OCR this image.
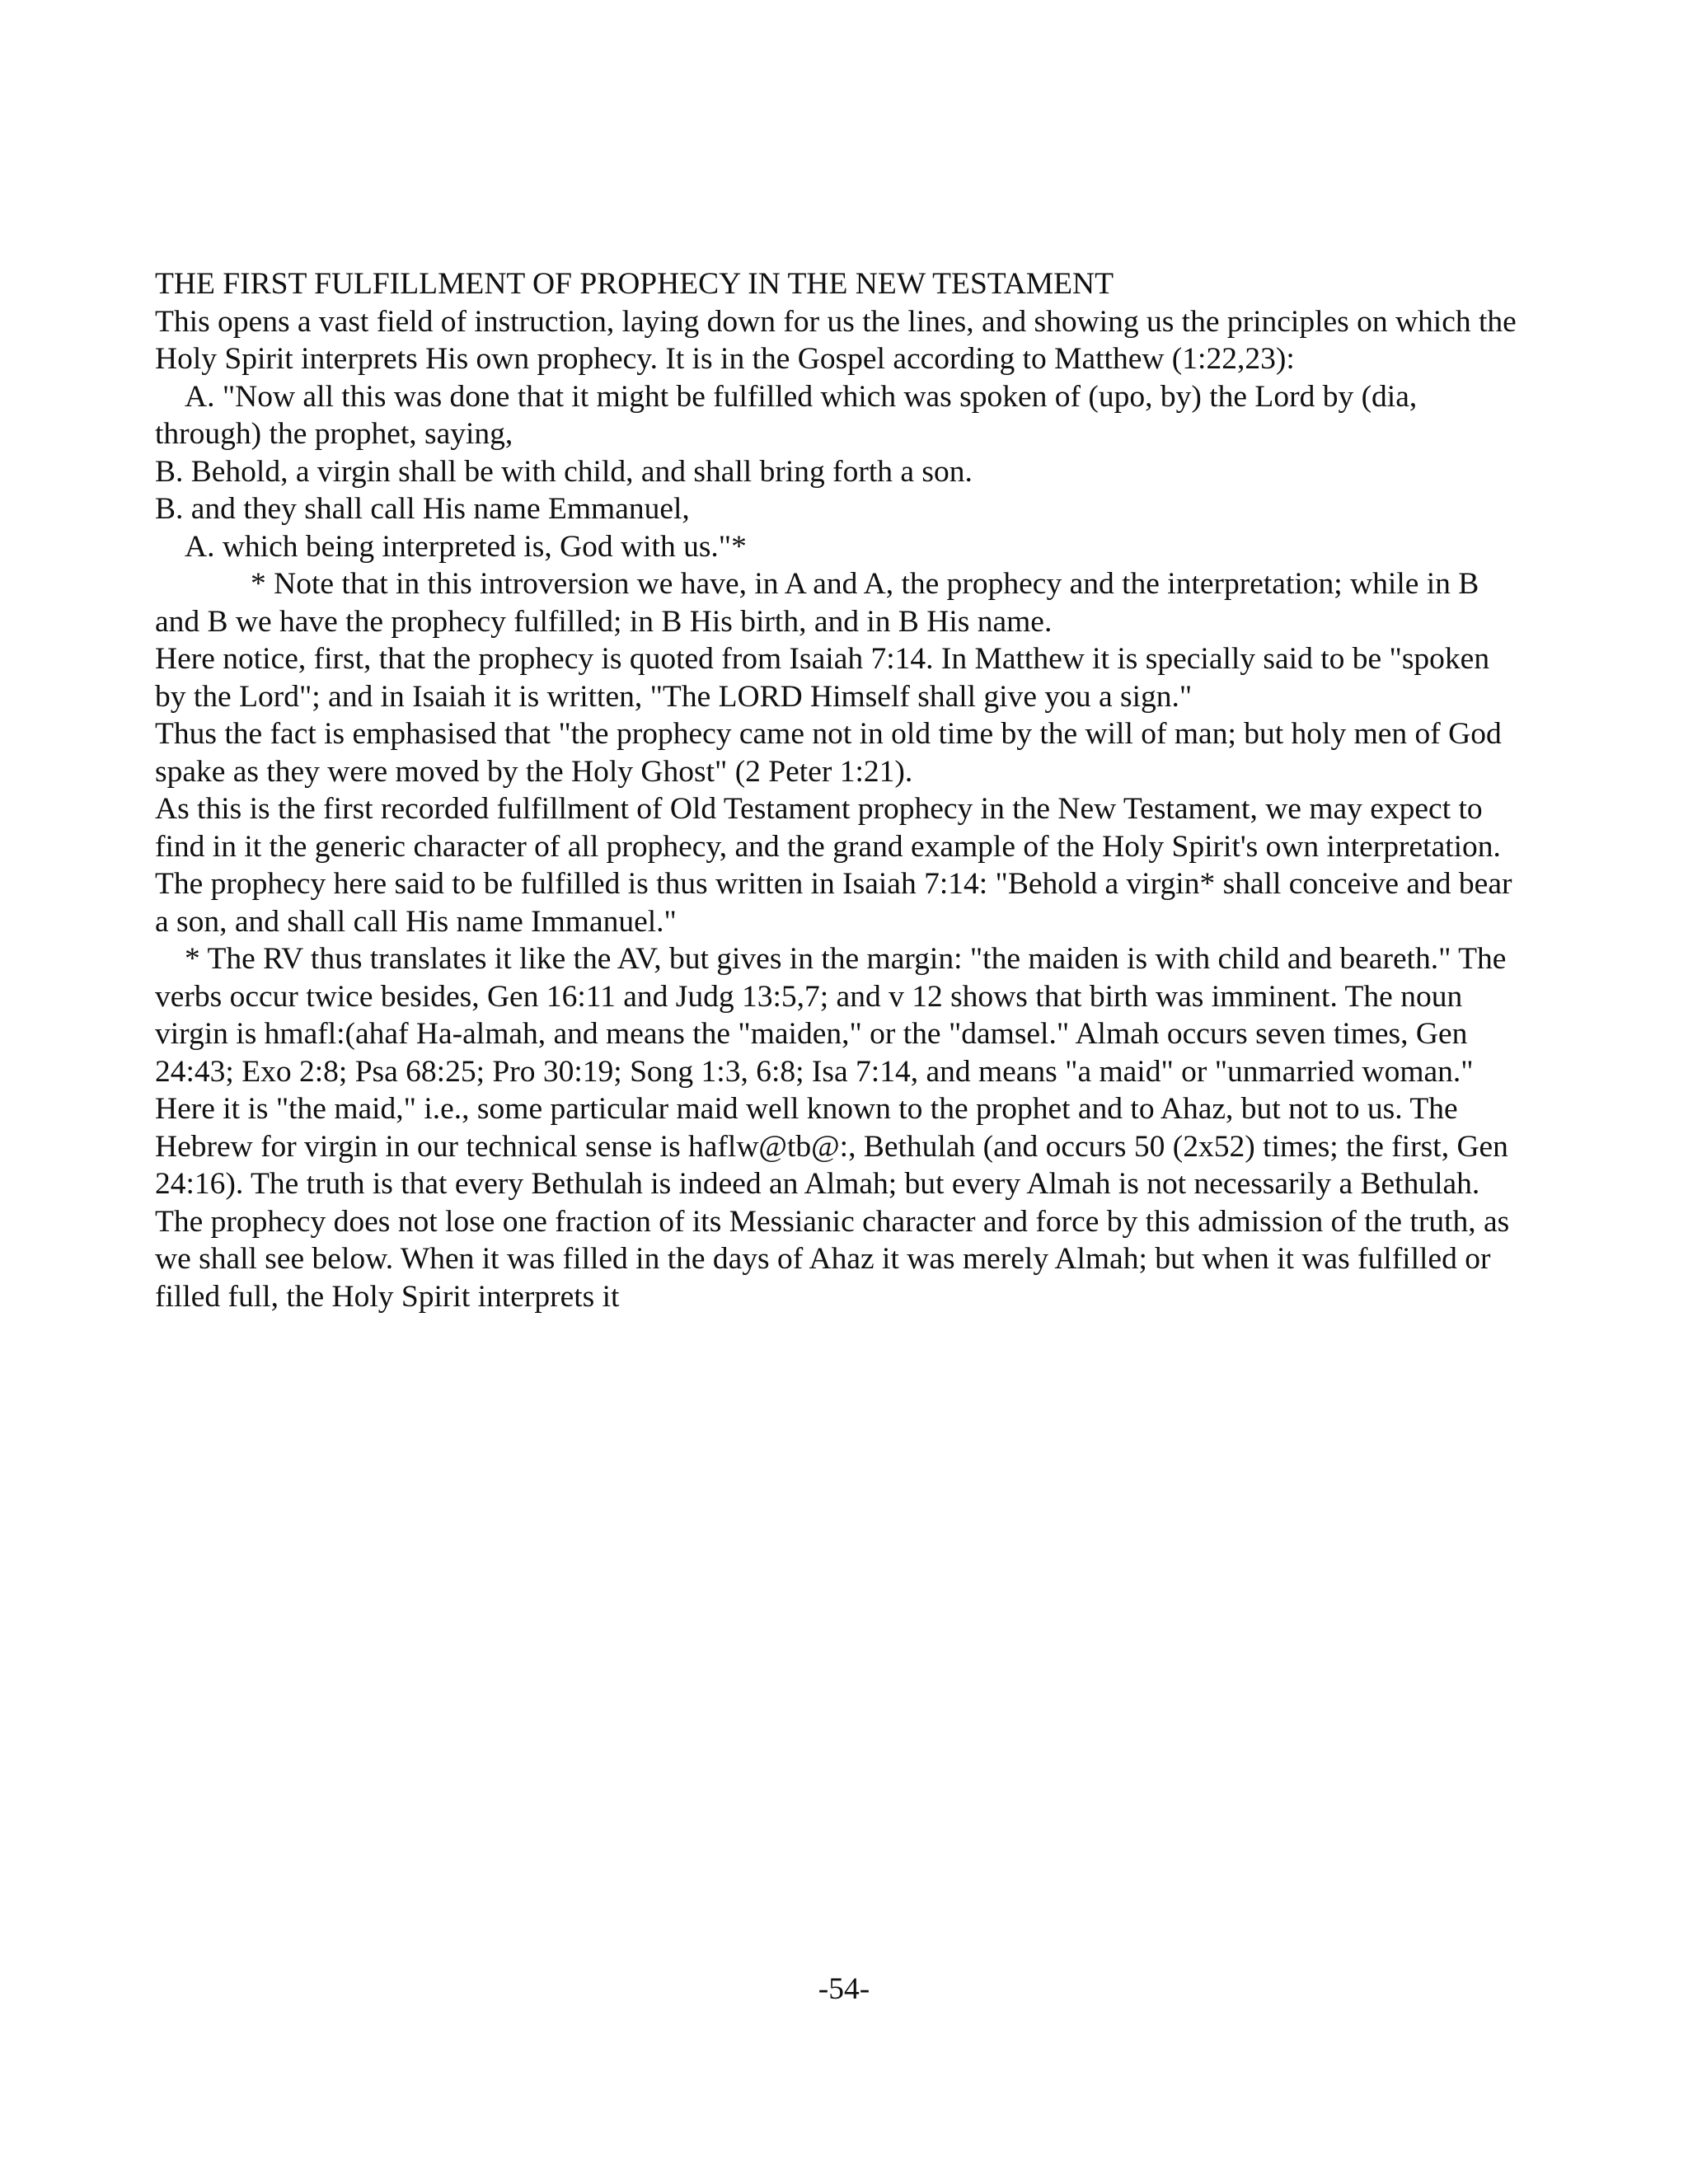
THE FIRST FULFILLMENT OF PROPHECY IN THE NEW TESTAMENT

This opens a vast field of instruction, laying down for us the lines, and showing us the principles on which the Holy Spirit interprets His own prophecy. It is in the Gospel according to Matthew (1:22,23):

A. "Now all this was done that it might be fulfilled which was spoken of (upo, by) the Lord by (dia, through) the prophet, saying,

B. Behold, a virgin shall be with child, and shall bring forth a son.

B. and they shall call His name Emmanuel,

A. which being interpreted is, God with us."*

* Note that in this introversion we have, in A and A, the prophecy and the interpretation; while in B and B we have the prophecy fulfilled; in B His birth, and in B His name.

Here notice, first, that the prophecy is quoted from Isaiah 7:14. In Matthew it is specially said to be "spoken by the Lord"; and in Isaiah it is written, "The LORD Himself shall give you a sign."

Thus the fact is emphasised that "the prophecy came not in old time by the will of man; but holy men of God spake as they were moved by the Holy Ghost" (2 Peter 1:21).

As this is the first recorded fulfillment of Old Testament prophecy in the New Testament, we may expect to find in it the generic character of all prophecy, and the grand example of the Holy Spirit's own interpretation.

The prophecy here said to be fulfilled is thus written in Isaiah 7:14: "Behold a virgin* shall conceive and bear a son, and shall call His name Immanuel."

* The RV thus translates it like the AV, but gives in the margin: "the maiden is with child and beareth." The verbs occur twice besides, Gen 16:11 and Judg 13:5,7; and v 12 shows that birth was imminent. The noun virgin is hmafl:(ahaf Ha-almah, and means the "maiden," or the "damsel." Almah occurs seven times, Gen 24:43; Exo 2:8; Psa 68:25; Pro 30:19; Song 1:3, 6:8; Isa 7:14, and means "a maid" or "unmarried woman." Here it is "the maid," i.e., some particular maid well known to the prophet and to Ahaz, but not to us. The Hebrew for virgin in our technical sense is haflw@tb@:, Bethulah (and occurs 50 (2x52) times; the first, Gen 24:16). The truth is that every Bethulah is indeed an Almah; but every Almah is not necessarily a Bethulah. The prophecy does not lose one fraction of its Messianic character and force by this admission of the truth, as we shall see below. When it was filled in the days of Ahaz it was merely Almah; but when it was fulfilled or filled full, the Holy Spirit interprets it

-54-
